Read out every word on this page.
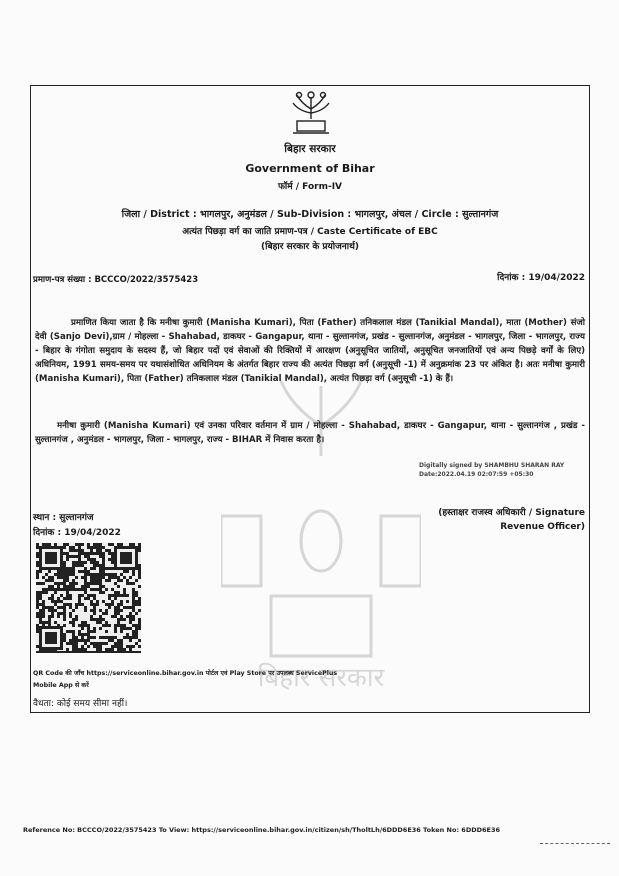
बिहार सरकार
Government of Bihar
फॉर्म / Form-IV
जिला / District : भागलपुर, अनुमंडल / Sub-Division : भागलपुर, अंचल / Circle : सुल्तानगंज
अत्यंत पिछड़ा वर्ग का जाति प्रमाण-पत्र / Caste Certificate of EBC
(बिहार सरकार के प्रयोजनार्थ)
प्रमाण-पत्र संख्या : BCCCO/2022/3575423	दिनांक : 19/04/2022
बिहार सरकार
प्रमाणित किया जाता है कि मनीषा कुमारी (Manisha Kumari), पिता (Father) तनिकलाल मंडल (Tanikial Mandal), माता (Mother) संजो देवी (Sanjo Devi),ग्राम / मोहल्ला - Shahabad, डाकघर - Gangapur, थाना - सुल्तानगंज, प्रखंड - सुल्तानगंज, अनुमंडल - भागलपुर, जिला - भागलपुर, राज्य - बिहार के गंगोता समुदाय के सदस्य हैं, जो बिहार पदों एवं सेवाओं की रिक्तियों में आरक्षण (अनुसूचित जातियों, अनुसूचित जनजातियों एवं अन्य पिछड़े वर्गों के लिए) अधिनियम, 1991 समय-समय पर यथासंशोधित अधिनियम के अंतर्गत बिहार राज्य की अत्यंत पिछड़ा वर्ग (अनुसूची -1) में अनुक्रमांक 23 पर अंकित है। अतः मनीषा कुमारी (Manisha Kumari), पिता (Father) तनिकलाल मंडल (Tanikial Mandal), अत्यंत पिछड़ा वर्ग (अनुसूची -1) के हैं।
मनीषा कुमारी (Manisha Kumari) एवं उनका परिवार वर्तमान में ग्राम / मोहल्ला - Shahabad, डाकघर - Gangapur, थाना - सुल्तानगंज , प्रखंड - सुल्तानगंज , अनुमंडल - भागलपुर, जिला - भागलपुर, राज्य - BIHAR में निवास करता है।
Digitally signed by SHAMBHU SHARAN RAY
Date:2022.04.19 02:07:59 +05:30
(हस्ताक्षर राजस्व अधिकारी / Signature
Revenue Officer)
स्थान : सुल्तानगंज
दिनांक : 19/04/2022
QR Code की जाँच https://serviceonline.bihar.gov.in पोर्टल एवं Play Store पर उपलब्ध ServicePlus
Mobile App से करें
वैधता: कोई समय सीमा नहीं।
Reference No: BCCCO/2022/3575423 To View: https://serviceonline.bihar.gov.in/citizen/sh/TholtLh/6DDD6E36 Token No: 6DDD6E36
